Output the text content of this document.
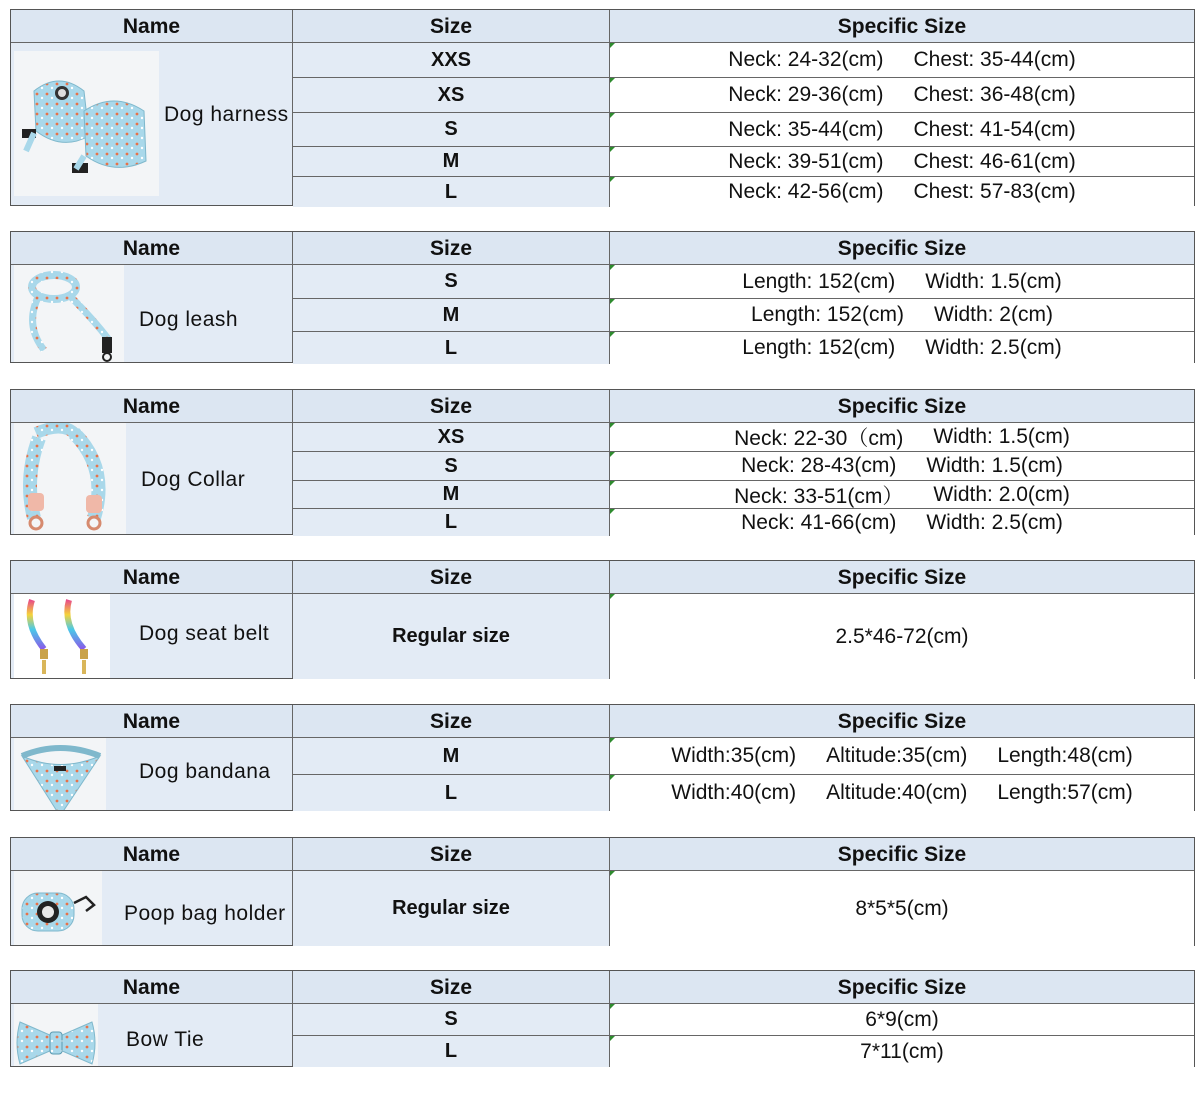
Name	Size	Specific Size
Dog harness
XXS	Neck: 24-32(cm) Chest: 35-44(cm)
XS	Neck: 29-36(cm) Chest: 36-48(cm)
S	Neck: 35-44(cm) Chest: 41-54(cm)
M	Neck: 39-51(cm) Chest: 46-61(cm)
L	Neck: 42-56(cm) Chest: 57-83(cm)
Name	Size	Specific Size
Dog leash
S	Length: 152(cm) Width: 1.5(cm)
M	Length: 152(cm) Width: 2(cm)
L	Length: 152(cm) Width: 2.5(cm)
Name	Size	Specific Size
Dog Collar
XS	Neck: 22-30（cm) Width: 1.5(cm)
S	Neck: 28-43(cm) Width: 1.5(cm)
M	Neck: 33-51(cm） Width: 2.0(cm)
L	Neck: 41-66(cm) Width: 2.5(cm)
Name	Size	Specific Size
Dog seat belt	Regular size	2.5*46-72(cm)
Name	Size	Specific Size
Dog bandana
M	Width:35(cm) Altitude:35(cm) Length:48(cm)
L	Width:40(cm) Altitude:40(cm) Length:57(cm)
Name	Size	Specific Size
Poop bag holder	Regular size	8*5*5(cm)
Name	Size	Specific Size
Bow Tie
S	6*9(cm)
L	7*11(cm)
